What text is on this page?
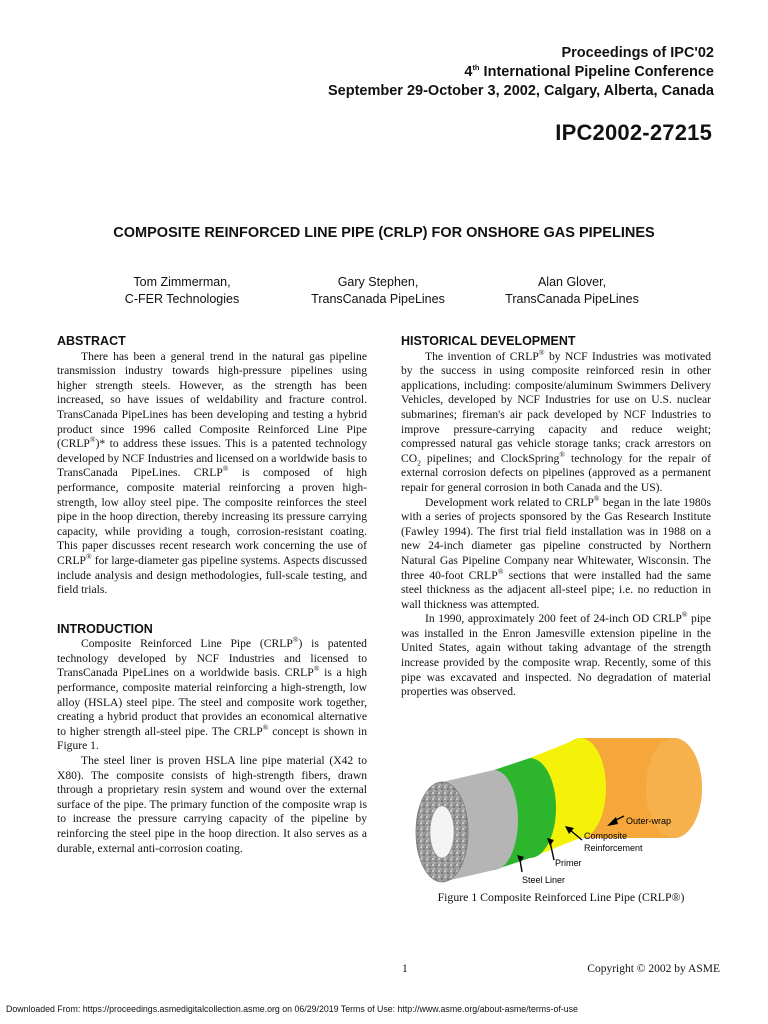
Proceedings of IPC'02
4th International Pipeline Conference
September 29-October 3, 2002, Calgary, Alberta, Canada
IPC2002-27215
COMPOSITE REINFORCED LINE PIPE (CRLP) FOR ONSHORE GAS PIPELINES
Tom Zimmerman,
C-FER Technologies
Gary Stephen,
TransCanada PipeLines
Alan Glover,
TransCanada PipeLines
ABSTRACT

There has been a general trend in the natural gas pipeline transmission industry towards high-pressure pipelines using higher strength steels. However, as the strength has been increased, so have issues of weldability and fracture control. TransCanada PipeLines has been developing and testing a hybrid product since 1996 called Composite Reinforced Line Pipe (CRLP®)* to address these issues. This is a patented technology developed by NCF Industries and licensed on a worldwide basis to TransCanada PipeLines. CRLP® is composed of high performance, composite material reinforcing a proven high-strength, low alloy steel pipe. The composite reinforces the steel pipe in the hoop direction, thereby increasing its pressure carrying capacity, while providing a tough, corrosion-resistant coating. This paper discusses recent research work concerning the use of CRLP® for large-diameter gas pipeline systems. Aspects discussed include analysis and design methodologies, full-scale testing, and field trials.

INTRODUCTION

Composite Reinforced Line Pipe (CRLP®) is patented technology developed by NCF Industries and licensed to TransCanada PipeLines on a worldwide basis. CRLP® is a high performance, composite material reinforcing a high-strength, low alloy (HSLA) steel pipe. The steel and composite work together, creating a hybrid product that provides an economical alternative to higher strength all-steel pipe. The CRLP® concept is shown in Figure 1.

The steel liner is proven HSLA line pipe material (X42 to X80). The composite consists of high-strength fibers, drawn through a proprietary resin system and wound over the external surface of the pipe. The primary function of the composite wrap is to increase the pressure carrying capacity of the pipeline by reinforcing the steel pipe in the hoop direction. It also serves as a durable, external anti-corrosion coating.

HISTORICAL DEVELOPMENT

The invention of CRLP® by NCF Industries was motivated by the success in using composite reinforced resin in other applications, including: composite/aluminum Swimmers Delivery Vehicles, developed by NCF Industries for use on U.S. nuclear submarines; fireman's air pack developed by NCF Industries to improve pressure-carrying capacity and reduce weight; compressed natural gas vehicle storage tanks; crack arrestors on $CO_2$ pipelines; and ClockSpring® technology for the repair of external corrosion defects on pipelines (approved as a permanent repair for general corrosion in both Canada and the US).

Development work related to CRLP® began in the late 1980s with a series of projects sponsored by the Gas Research Institute (Fawley 1994). The first trial field installation was in 1988 on a new 24-inch diameter gas pipeline constructed by Northern Natural Gas Pipeline Company near Whitewater, Wisconsin. The three 40-foot CRLP® sections that were installed had the same steel thickness as the adjacent all-steel pipe; i.e. no reduction in wall thickness was attempted.

In 1990, approximately 200 feet of 24-inch OD CRLP® pipe was installed in the Enron Jamesville extension pipeline in the United States, again without taking advantage of the strength increase provided by the composite wrap. Recently, some of this pipe was excavated and inspected. No degradation of material properties was observed.

Outer-wrap
Composite
Reinforcement
Primer
Steel Liner
Figure 1 Composite Reinforced Line Pipe (CRLP®)
1	Copyright © 2002 by ASME
Downloaded From: https://proceedings.asmedigitalcollection.asme.org on 06/29/2019 Terms of Use: http://www.asme.org/about-asme/terms-of-use
